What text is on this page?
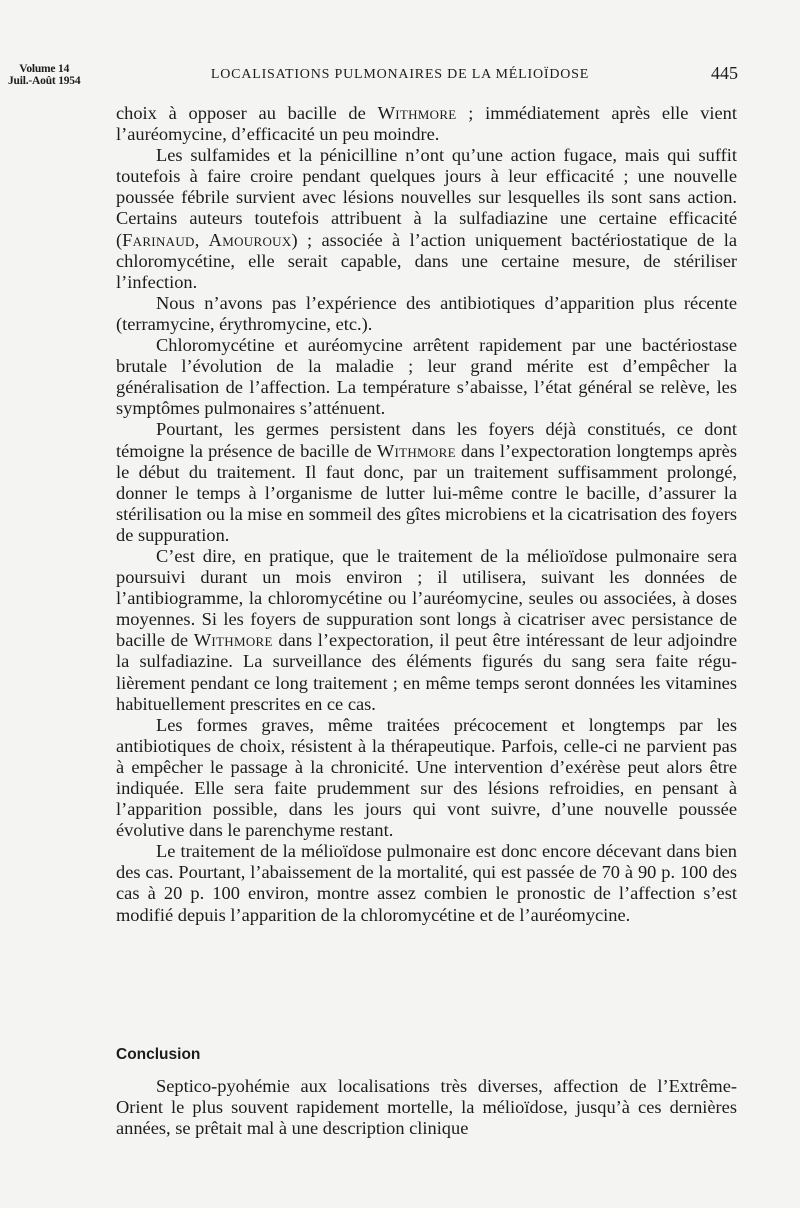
Volume 14
Juil.-Août 1954	LOCALISATIONS PULMONAIRES DE LA MÉLIOÏDOSE	445

choix à opposer au bacille de Withmore ; immédiatement après elle vient l’auréomycine, d’efficacité un peu moindre.

Les sulfamides et la pénicilline n’ont qu’une action fugace, mais qui suffit toutefois à faire croire pendant quelques jours à leur efficacité ; une nouvelle poussée fébrile survient avec lésions nouvelles sur lesquelles ils sont sans action. Certains auteurs toutefois attribuent à la sulfadiazine une certaine efficacité (Farinaud, Amouroux) ; associée à l’action uniquement bactériostatique de la chloromycétine, elle serait capable, dans une certaine mesure, de stériliser l’infection.

Nous n’avons pas l’expérience des antibiotiques d’apparition plus récente (terramycine, érythromycine, etc.).

Chloromycétine et auréomycine arrêtent rapidement par une bactériostase brutale l’évolution de la maladie ; leur grand mérite est d’empêcher la généralisation de l’affection. La température s’abaisse, l’état général se relève, les symptômes pulmonaires s’atténuent.

Pourtant, les germes persistent dans les foyers déjà constitués, ce dont témoigne la présence de bacille de Withmore dans l’expectoration longtemps après le début du traitement. Il faut donc, par un traitement suffisamment prolongé, donner le temps à l’organisme de lutter lui-même contre le bacille, d’assurer la stérilisation ou la mise en sommeil des gîtes microbiens et la cicatrisation des foyers de suppuration.

C’est dire, en pratique, que le traitement de la mélioïdose pulmonaire sera poursuivi durant un mois environ ; il utilisera, suivant les données de l’antibiogramme, la chloromycétine ou l’auréomycine, seules ou associées, à doses moyennes. Si les foyers de suppuration sont longs à cicatriser avec persistance de bacille de Withmore dans l’expectoration, il peut être intéressant de leur adjoindre la sulfadiazine. La surveillance des éléments figurés du sang sera faite régulièrement pendant ce long traitement ; en même temps seront données les vitamines habituellement prescrites en ce cas.

Les formes graves, même traitées précocement et longtemps par les antibiotiques de choix, résistent à la thérapeutique. Parfois, celle-ci ne parvient pas à empêcher le passage à la chronicité. Une intervention d’exérèse peut alors être indiquée. Elle sera faite prudemment sur des lésions refroidies, en pensant à l’apparition possible, dans les jours qui vont suivre, d’une nouvelle poussée évolutive dans le parenchyme restant.

Le traitement de la mélioïdose pulmonaire est donc encore décevant dans bien des cas. Pourtant, l’abaissement de la mortalité, qui est passée de 70 à 90 p. 100 des cas à 20 p. 100 environ, montre assez combien le pronostic de l’affection s’est modifié depuis l’apparition de la chloromycétine et de l’auréomycine.

Conclusion

Septico-pyohémie aux localisations très diverses, affection de l’Extrême-Orient le plus souvent rapidement mortelle, la mélioïdose, jusqu’à ces dernières années, se prêtait mal à une description clinique
